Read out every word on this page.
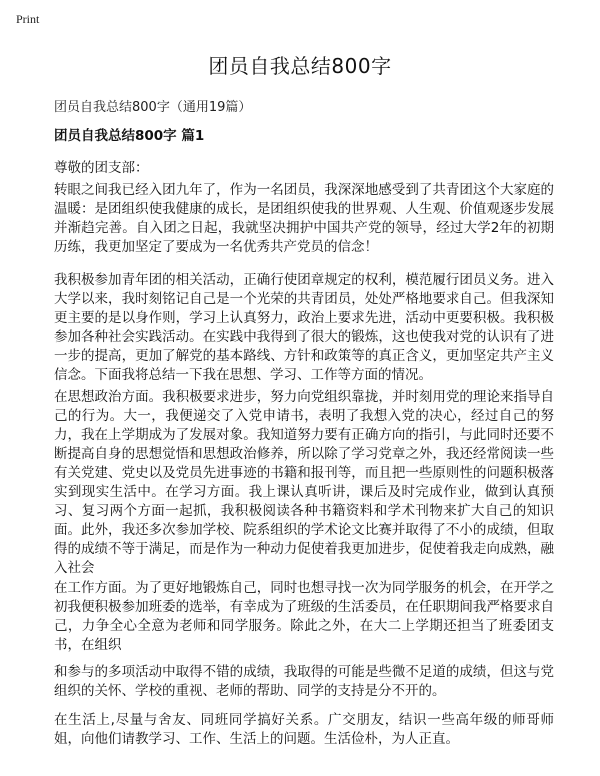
Print
团员自我总结800字

团员自我总结800字（通用19篇）

团员自我总结800字 篇1

尊敬的团支部：

转眼之间我已经入团九年了，作为一名团员，我深深地感受到了共青团这个大家庭的温暖：是团组织使我健康的成长，是团组织使我的世界观、人生观、价值观逐步发展并渐趋完善。自入团之日起，我就坚决拥护中国共产党的领导，经过大学2年的初期历练，我更加坚定了要成为一名优秀共产党员的信念！

我积极参加青年团的相关活动，正确行使团章规定的权利，模范履行团员义务。进入大学以来，我时刻铭记自己是一个光荣的共青团员，处处严格地要求自己。但我深知更主要的是以身作则，学习上认真努力，政治上要求先进，活动中更要积极。我积极参加各种社会实践活动。在实践中我得到了很大的锻炼，这也使我对党的认识有了进一步的提高，更加了解党的基本路线、方针和政策等的真正含义，更加坚定共产主义信念。下面我将总结一下我在思想、学习、工作等方面的情况。

在思想政治方面。我积极要求进步，努力向党组织靠拢，并时刻用党的理论来指导自己的行为。大一，我便递交了入党申请书，表明了我想入党的决心，经过自己的努力，我在上学期成为了发展对象。我知道努力要有正确方向的指引，与此同时还要不断提高自身的思想觉悟和思想政治修养，所以除了学习党章之外，我还经常阅读一些有关党建、党史以及党员先进事迹的书籍和报刊等，而且把一些原则性的问题积极落实到现实生活中。在学习方面。我上课认真听讲，课后及时完成作业，做到认真预习、复习两个方面一起抓，我积极阅读各种书籍资料和学术刊物来扩大自己的知识面。此外，我还多次参加学校、院系组织的学术论文比赛并取得了不小的成绩，但取得的成绩不等于满足，而是作为一种动力促使着我更加进步，促使着我走向成熟，融入社会

在工作方面。为了更好地锻炼自己，同时也想寻找一次为同学服务的机会，在开学之初我便积极参加班委的选举，有幸成为了班级的生活委员，在任职期间我严格要求自己，力争全心全意为老师和同学服务。除此之外，在大二上学期还担当了班委团支书，在组织

和参与的多项活动中取得不错的成绩，我取得的可能是些微不足道的成绩，但这与党组织的关怀、学校的重视、老师的帮助、同学的支持是分不开的。

在生活上,尽量与舍友、同班同学搞好关系。广交朋友，结识一些高年级的师哥师姐，向他们请教学习、工作、生活上的问题。生活俭朴，为人正直。
